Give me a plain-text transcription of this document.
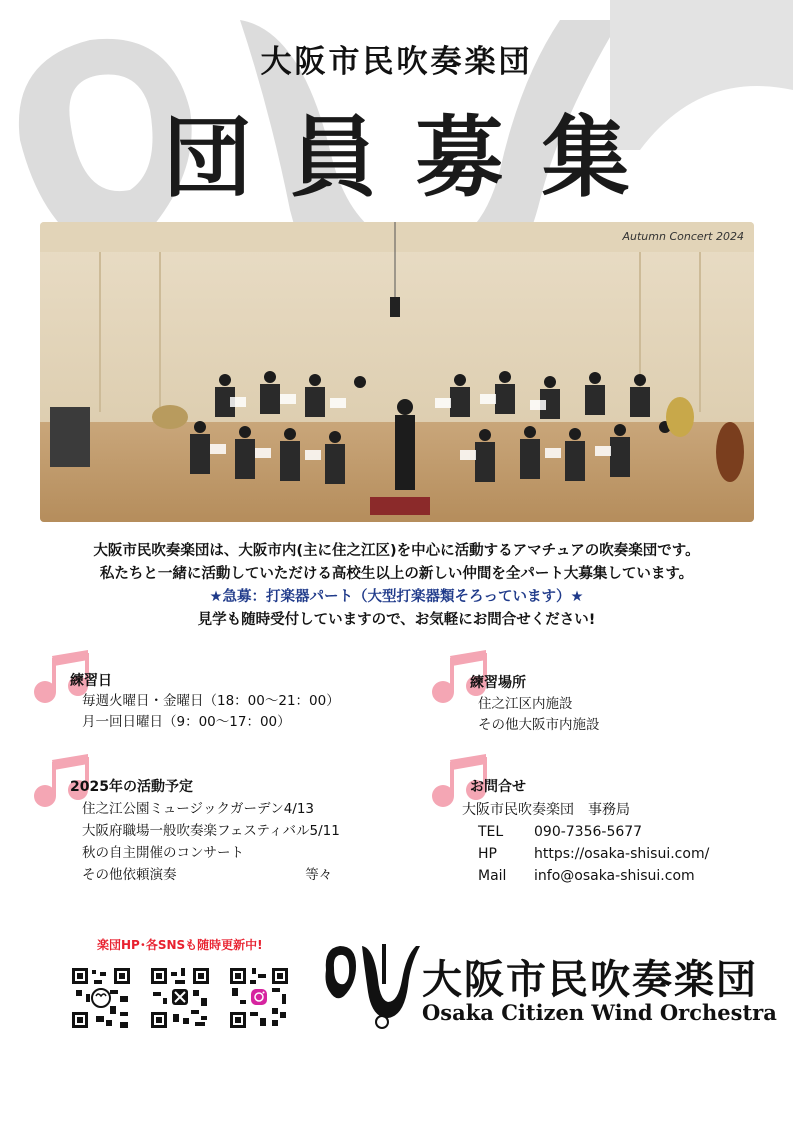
大阪市民吹奏楽団
団員募集
Autumn Concert 2024
大阪市民吹奏楽団は、大阪市内(主に住之江区)を中心に活動するアマチュアの吹奏楽団です。
私たちと一緒に活動していただける高校生以上の新しい仲間を全パート大募集しています。
★急募：打楽器パート（大型打楽器類そろっています）★
見学も随時受付していますので、お気軽にお問合せください!
練習日
毎週火曜日・金曜日（18：00～21：00）
月一回日曜日（9：00～17：00）
練習場所
住之江区内施設
その他大阪市内施設
2025年の活動予定
住之江公園ミュージックガーデン4/13
大阪府職場一般吹奏楽フェスティバル5/11
秋の自主開催のコンサート
その他依頼演奏                              等々
お問合せ
大阪市民吹奏楽団　事務局
TEL	090-7356-5677
HP	https://osaka-shisui.com/
Mail	info@osaka-shisui.com
楽団HP･各SNSも随時更新中!
大阪市民吹奏楽団
Osaka Citizen Wind Orchestra
